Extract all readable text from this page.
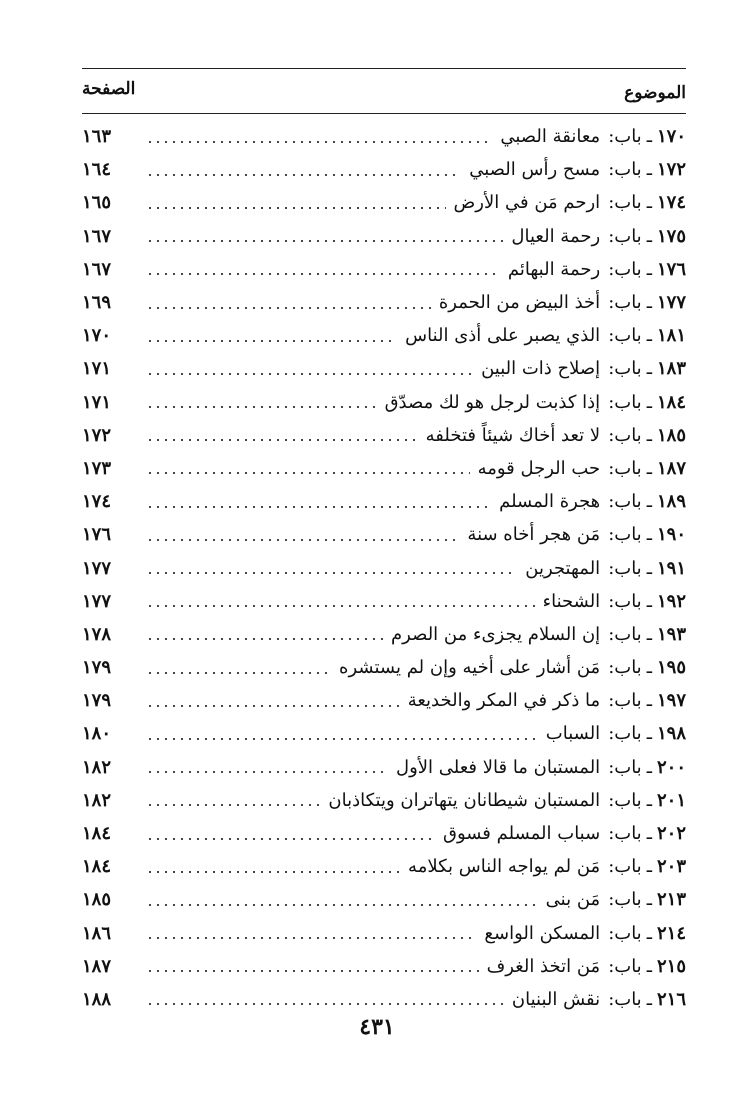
الموضوع
الصفحة
١٧٠
ـ
باب:
معانقة الصبي
١٦٣
١٧٢
ـ
باب:
مسح رأس الصبي
١٦٤
١٧٤
ـ
باب:
ارحم مَن في الأرض
١٦٥
١٧٥
ـ
باب:
رحمة العيال
١٦٧
١٧٦
ـ
باب:
رحمة البهائم
١٦٧
١٧٧
ـ
باب:
أخذ البيض من الحمرة
١٦٩
١٨١
ـ
باب:
الذي يصبر على أذى الناس
١٧٠
١٨٣
ـ
باب:
إصلاح ذات البين
١٧١
١٨٤
ـ
باب:
إذا كذبت لرجل هو لك مصدّق
١٧١
١٨٥
ـ
باب:
لا تعد أخاك شيئاً فتخلفه
١٧٢
١٨٧
ـ
باب:
حب الرجل قومه
١٧٣
١٨٩
ـ
باب:
هجرة المسلم
١٧٤
١٩٠
ـ
باب:
مَن هجر أخاه سنة
١٧٦
١٩١
ـ
باب:
المهتجرين
١٧٧
١٩٢
ـ
باب:
الشحناء
١٧٧
١٩٣
ـ
باب:
إن السلام يجزىء من الصرم
١٧٨
١٩٥
ـ
باب:
مَن أشار على أخيه وإن لم يستشره
١٧٩
١٩٧
ـ
باب:
ما ذكر في المكر والخديعة
١٧٩
١٩٨
ـ
باب:
السباب
١٨٠
٢٠٠
ـ
باب:
المستبان ما قالا فعلى الأول
١٨٢
٢٠١
ـ
باب:
المستبان شيطانان يتهاتران ويتكاذبان
١٨٢
٢٠٢
ـ
باب:
سباب المسلم فسوق
١٨٤
٢٠٣
ـ
باب:
مَن لم يواجه الناس بكلامه
١٨٤
٢١٣
ـ
باب:
مَن بنى
١٨٥
٢١٤
ـ
باب:
المسكن الواسع
١٨٦
٢١٥
ـ
باب:
مَن اتخذ الغرف
١٨٧
٢١٦
ـ
باب:
نقش البنيان
١٨٨
٤٣١
